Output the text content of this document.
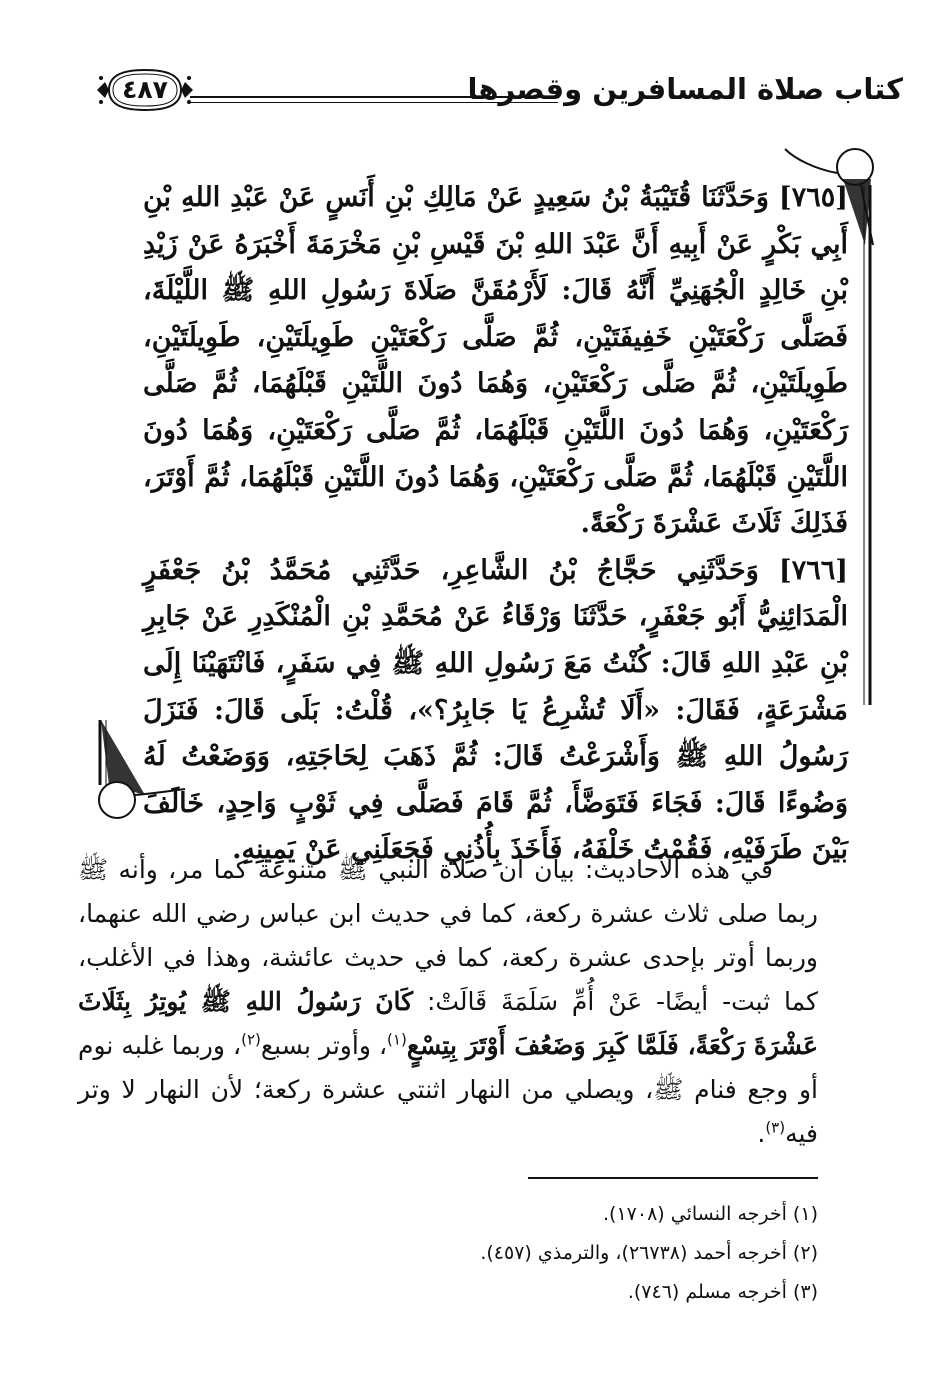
كتاب صلاة المسافرين وقصرها
٤٨٧

[٧٦٥] وَحَدَّثَنَا قُتَيْبَةُ بْنُ سَعِيدٍ عَنْ مَالِكِ بْنِ أَنَسٍ عَنْ عَبْدِ اللهِ بْنِ أَبِي بَكْرٍ عَنْ أَبِيهِ أَنَّ عَبْدَ اللهِ بْنَ قَيْسِ بْنِ مَخْرَمَةَ أَخْبَرَهُ عَنْ زَيْدِ بْنِ خَالِدٍ الْجُهَنِيِّ أَنَّهُ قَالَ: لَأَرْمُقَنَّ صَلَاةَ رَسُولِ اللهِ ﷺ اللَّيْلَةَ، فَصَلَّى رَكْعَتَيْنِ خَفِيفَتَيْنِ، ثُمَّ صَلَّى رَكْعَتَيْنِ طَوِيلَتَيْنِ، طَوِيلَتَيْنِ، طَوِيلَتَيْنِ، ثُمَّ صَلَّى رَكْعَتَيْنِ، وَهُمَا دُونَ اللَّتَيْنِ قَبْلَهُمَا، ثُمَّ صَلَّى رَكْعَتَيْنِ، وَهُمَا دُونَ اللَّتَيْنِ قَبْلَهُمَا، ثُمَّ صَلَّى رَكْعَتَيْنِ، وَهُمَا دُونَ اللَّتَيْنِ قَبْلَهُمَا، ثُمَّ صَلَّى رَكْعَتَيْنِ، وَهُمَا دُونَ اللَّتَيْنِ قَبْلَهُمَا، ثُمَّ أَوْتَرَ، فَذَلِكَ ثَلَاثَ عَشْرَةَ رَكْعَةً.

[٧٦٦] وَحَدَّثَنِي حَجَّاجُ بْنُ الشَّاعِرِ، حَدَّثَنِي مُحَمَّدُ بْنُ جَعْفَرٍ الْمَدَائِنِيُّ أَبُو جَعْفَرٍ، حَدَّثَنَا وَرْقَاءُ عَنْ مُحَمَّدِ بْنِ الْمُنْكَدِرِ عَنْ جَابِرِ بْنِ عَبْدِ اللهِ قَالَ: كُنْتُ مَعَ رَسُولِ اللهِ ﷺ فِي سَفَرٍ، فَانْتَهَيْنَا إِلَى مَشْرَعَةٍ، فَقَالَ: «أَلَا تُشْرِعُ يَا جَابِرُ؟»، قُلْتُ: بَلَى قَالَ: فَنَزَلَ رَسُولُ اللهِ ﷺ وَأَشْرَعْتُ قَالَ: ثُمَّ ذَهَبَ لِحَاجَتِهِ، وَوَضَعْتُ لَهُ وَضُوءًا قَالَ: فَجَاءَ فَتَوَضَّأَ، ثُمَّ قَامَ فَصَلَّى فِي ثَوْبٍ وَاحِدٍ، خَالَفَ بَيْنَ طَرَفَيْهِ، فَقُمْتُ خَلْفَهُ، فَأَخَذَ بِأُذُنِي فَجَعَلَنِي عَنْ يَمِينِهِ.

في هذه الأحاديث: بيان أن صلاة النبي ﷺ متنوعة كما مر، وأنه ﷺ ربما صلى ثلاث عشرة ركعة، كما في حديث ابن عباس رضي الله عنهما، وربما أوتر بإحدى عشرة ركعة، كما في حديث عائشة، وهذا في الأغلب، كما ثبت- أيضًا- عَنْ أُمِّ سَلَمَةَ قَالَتْ: كَانَ رَسُولُ اللهِ ﷺ يُوتِرُ بِثَلَاثَ عَشْرَةَ رَكْعَةً، فَلَمَّا كَبِرَ وَضَعُفَ أَوْتَرَ بِتِسْعٍ$^{(١)}$، وأوتر بسبع$^{(٢)}$، وربما غلبه نوم أو وجع فنام ﷺ، ويصلي من النهار اثنتي عشرة ركعة؛ لأن النهار لا وتر فيه$^{(٣)}$.

(١) أخرجه النسائي (١٧٠٨).
(٢) أخرجه أحمد (٢٦٧٣٨)، والترمذي (٤٥٧).
(٣) أخرجه مسلم (٧٤٦).
